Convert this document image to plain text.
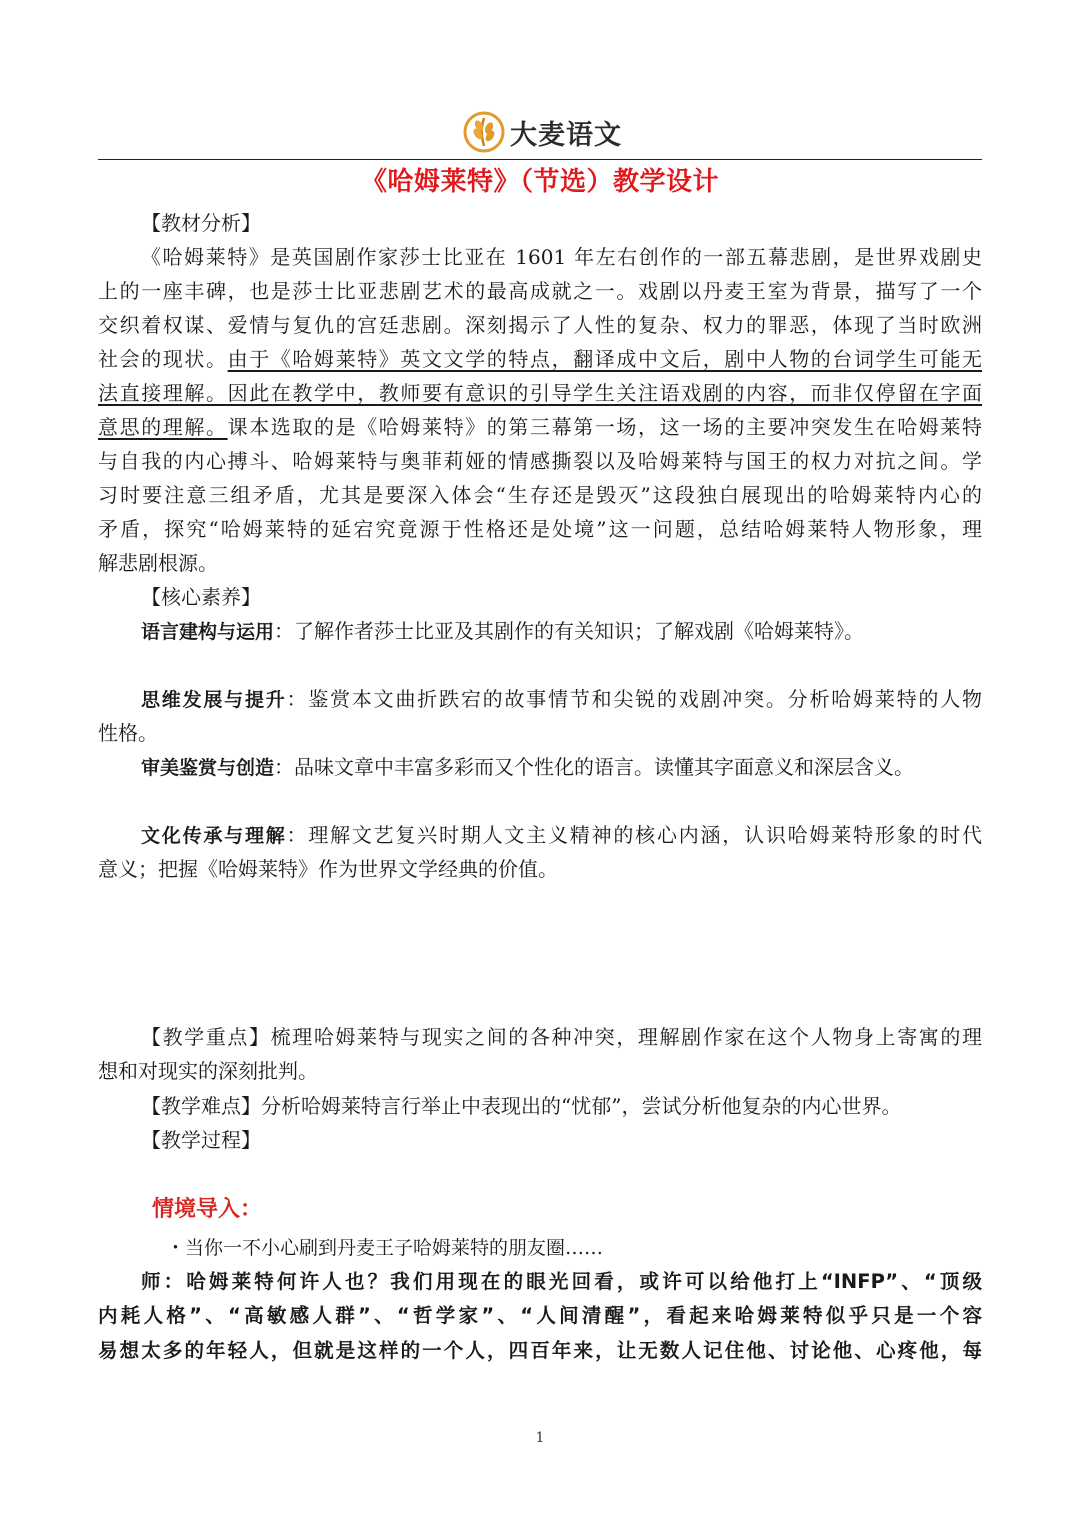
大麦语文
《哈姆莱特》（节选）教学设计
【教材分析】
《哈姆莱特》是英国剧作家莎士比亚在 1601 年左右创作的一部五幕悲剧，是世界戏剧史
上的一座丰碑，也是莎士比亚悲剧艺术的最高成就之一。戏剧以丹麦王室为背景，描写了一个
交织着权谋、爱情与复仇的宫廷悲剧。深刻揭示了人性的复杂、权力的罪恶，体现了当时欧洲
社会的现状。由于《哈姆莱特》英文文学的特点，翻译成中文后，剧中人物的台词学生可能无
法直接理解。因此在教学中，教师要有意识的引导学生关注语戏剧的内容，而非仅停留在字面
意思的理解。课本选取的是《哈姆莱特》的第三幕第一场，这一场的主要冲突发生在哈姆莱特
与自我的内心搏斗、哈姆莱特与奥菲莉娅的情感撕裂以及哈姆莱特与国王的权力对抗之间。学
习时要注意三组矛盾，尤其是要深入体会“生存还是毁灭”这段独白展现出的哈姆莱特内心的
矛盾，探究“哈姆莱特的延宕究竟源于性格还是处境”这一问题，总结哈姆莱特人物形象，理
解悲剧根源。
【核心素养】
语言建构与运用：了解作者莎士比亚及其剧作的有关知识；了解戏剧《哈姆莱特》。
思维发展与提升：鉴赏本文曲折跌宕的故事情节和尖锐的戏剧冲突。分析哈姆莱特的人物
性格。
审美鉴赏与创造：品味文章中丰富多彩而又个性化的语言。读懂其字面意义和深层含义。
文化传承与理解：理解文艺复兴时期人文主义精神的核心内涵，认识哈姆莱特形象的时代
意义；把握《哈姆莱特》作为世界文学经典的价值。
【教学重点】梳理哈姆莱特与现实之间的各种冲突，理解剧作家在这个人物身上寄寓的理
想和对现实的深刻批判。
【教学难点】分析哈姆莱特言行举止中表现出的“忧郁”，尝试分析他复杂的内心世界。
【教学过程】
情境导入：
・当你一不小心刷到丹麦王子哈姆莱特的朋友圈……
师：哈姆莱特何许人也？我们用现在的眼光回看，或许可以给他打上“INFP”、“顶级
内耗人格”、“高敏感人群”、“哲学家”、“人间清醒”，看起来哈姆莱特似乎只是一个容
易想太多的年轻人，但就是这样的一个人，四百年来，让无数人记住他、讨论他、心疼他，每
1
